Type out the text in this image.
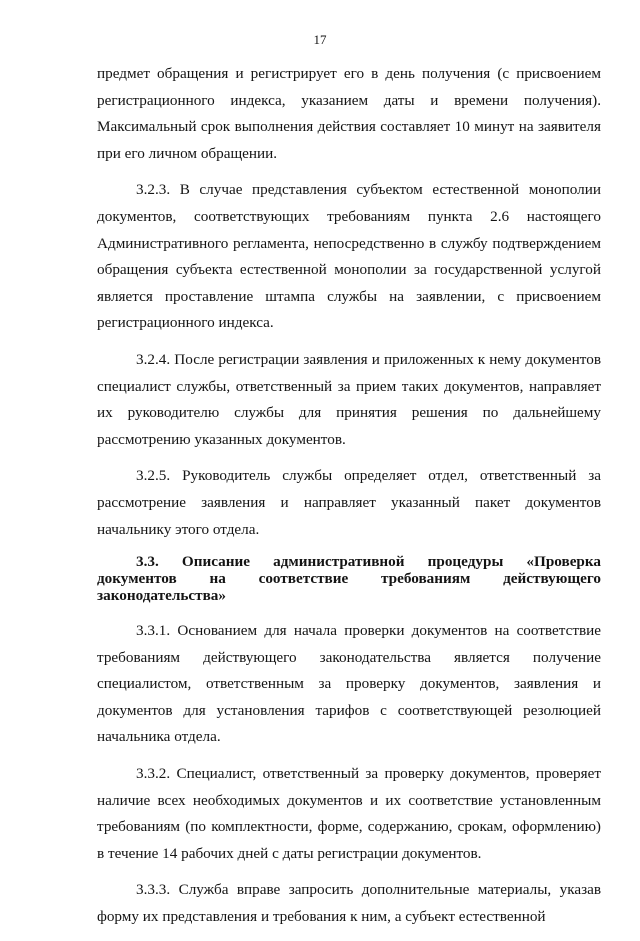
17

предмет обращения и регистрирует его в день получения (с присвоением регистрационного индекса, указанием даты и времени получения). Максимальный срок выполнения действия составляет 10 минут на заявителя при его личном обращении.

3.2.3. В случае представления субъектом естественной монополии документов, соответствующих требованиям пункта 2.6 настоящего Административного регламента, непосредственно в службу подтверждением обращения субъекта естественной монополии за государственной услугой является проставление штампа службы на заявлении, с присвоением регистрационного индекса.

3.2.4. После регистрации заявления и приложенных к нему документов специалист службы, ответственный за прием таких документов, направляет их руководителю службы для принятия решения по дальнейшему рассмотрению указанных документов.

3.2.5. Руководитель службы определяет отдел, ответственный за рассмотрение заявления и направляет указанный пакет документов начальнику этого отдела.

3.3. Описание административной процедуры «Проверка документов на соответствие требованиям действующего законодательства»

3.3.1. Основанием для начала проверки документов на соответствие требованиям действующего законодательства является получение специалистом, ответственным за проверку документов, заявления и документов для установления тарифов с соответствующей резолюцией начальника отдела.

3.3.2. Специалист, ответственный за проверку документов, проверяет наличие всех необходимых документов и их соответствие установленным требованиям (по комплектности, форме, содержанию, срокам, оформлению) в течение 14 рабочих дней с даты регистрации документов.

3.3.3. Служба вправе запросить дополнительные материалы, указав форму их представления и требования к ним, а субъект естественной
